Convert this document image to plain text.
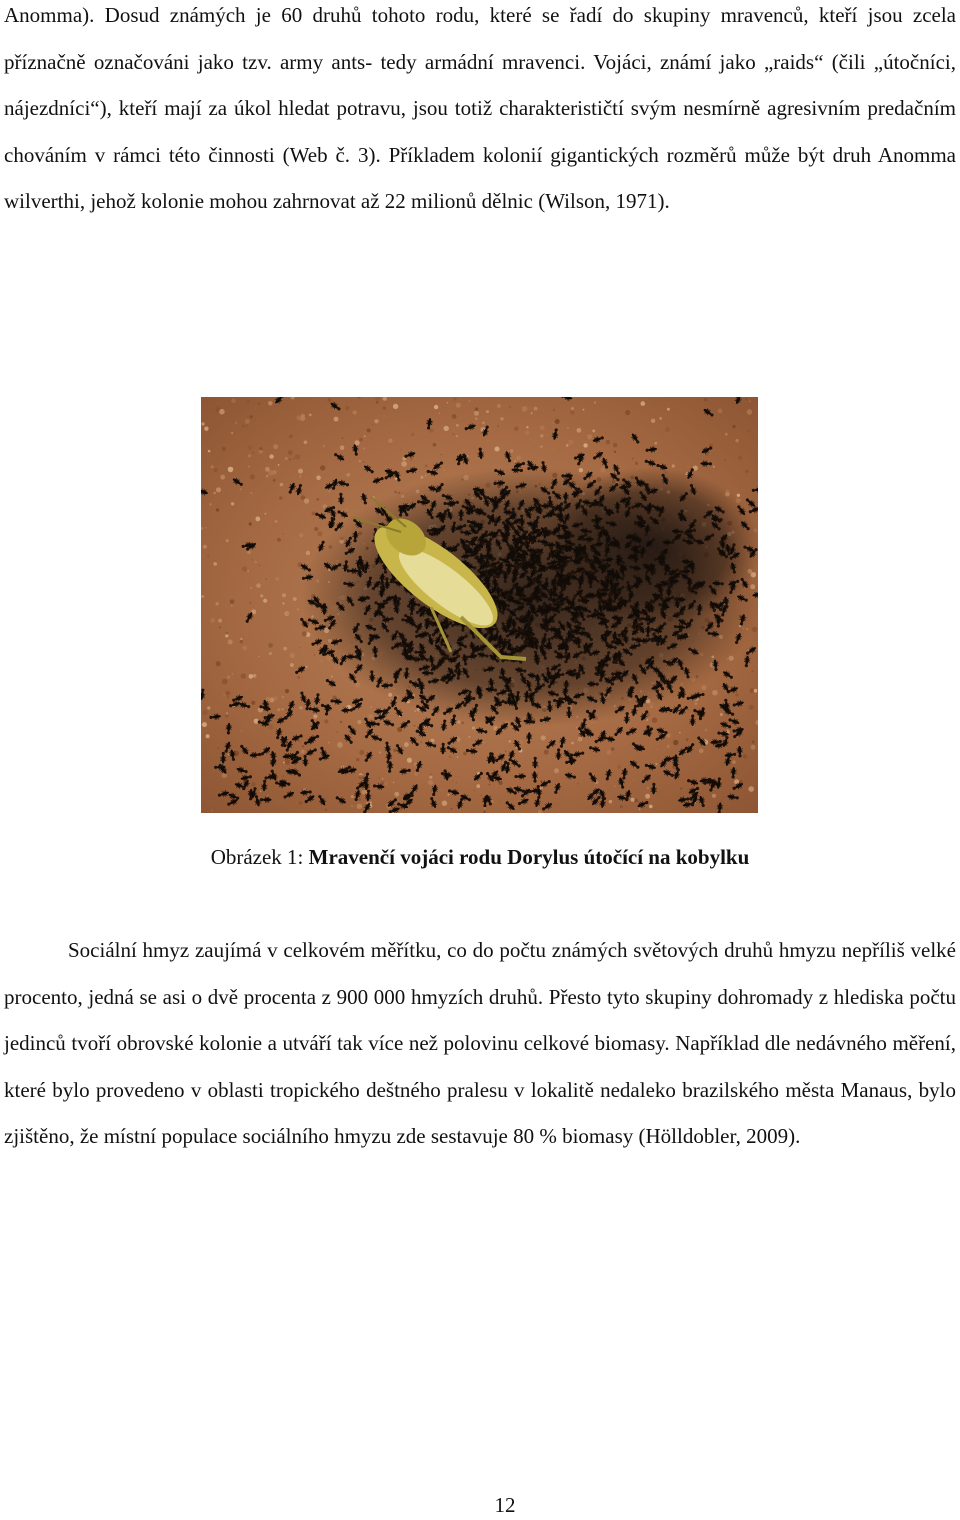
Anomma). Dosud známých je 60 druhů tohoto rodu, které se řadí do skupiny mravenců, kteří jsou zcela příznačně označováni jako tzv. army ants- tedy armádní mravenci. Vojáci, známí jako „raids“ (čili „útočníci, nájezdníci“), kteří mají za úkol hledat potravu, jsou totiž charakterističtí svým nesmírně agresivním predačním chováním v rámci této činnosti (Web č. 3). Příkladem kolonií gigantických rozměrů může být druh Anomma wilverthi, jehož kolonie mohou zahrnovat až 22 milionů dělnic (Wilson, 1971).

Obrázek 1: Mravenčí vojáci rodu Dorylus útočící na kobylku

Sociální hmyz zaujímá v celkovém měřítku, co do počtu známých světových druhů hmyzu nepříliš velké procento, jedná se asi o dvě procenta z 900 000 hmyzích druhů. Přesto tyto skupiny dohromady z hlediska počtu jedinců tvoří obrovské kolonie a utváří tak více než polovinu celkové biomasy. Například dle nedávného měření, které bylo provedeno v oblasti tropického deštného pralesu v lokalitě nedaleko brazilského města Manaus, bylo zjištěno, že místní populace sociálního hmyzu zde sestavuje 80 % biomasy (Hölldobler, 2009).

12
